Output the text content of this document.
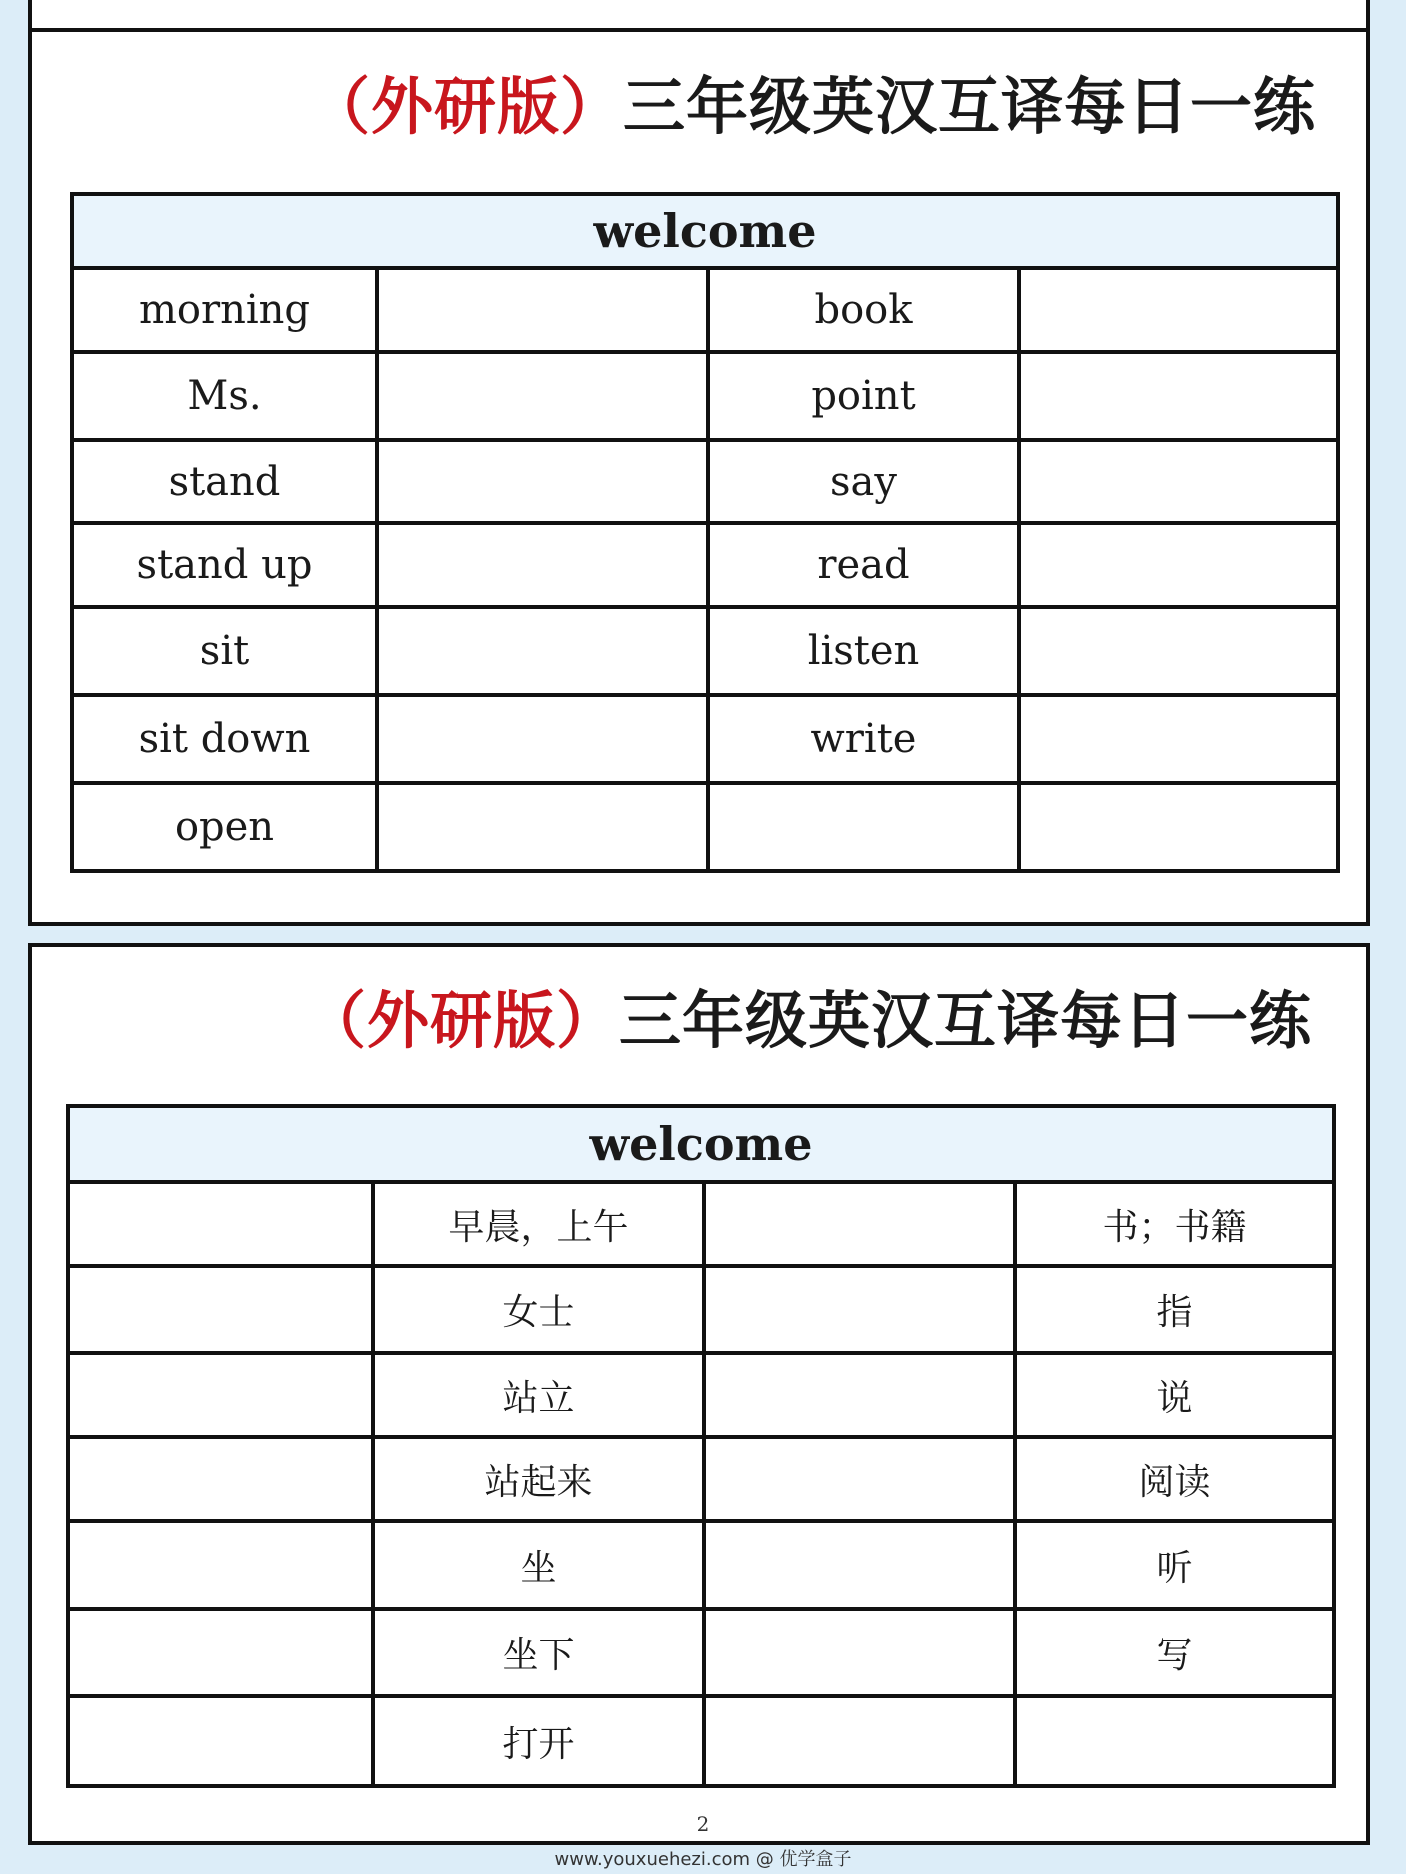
（外研版）三年级英汉互译每日一练
welcome			
morning		book	
Ms.		point	
stand		say	
stand up		read	
sit		listen	
sit down		write	
open			
（外研版）三年级英汉互译每日一练
welcome			
	早晨，上午		书；书籍
	女士		指
	站立		说
	站起来		阅读
	坐		听
	坐下		写
	打开		
2
www.youxuehezi.com @ 优学盒子
